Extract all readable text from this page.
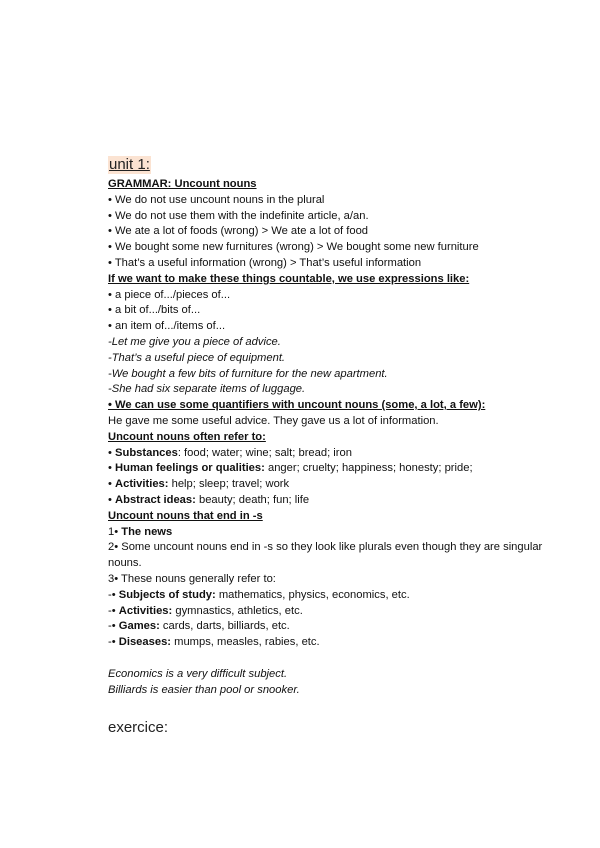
unit 1:
GRAMMAR: Uncount nouns
• We do not use uncount nouns in the plural
• We do not use them with the indefinite article, a/an.
• We ate a lot of foods (wrong) > We ate a lot of food
• We bought some new furnitures (wrong) > We bought some new furniture
• That’s a useful information (wrong) > That’s useful information
If we want to make these things countable, we use expressions like:
• a piece of.../pieces of...
• a bit of.../bits of...
• an item of.../items of...
-Let me give you a piece of advice.
-That’s a useful piece of equipment.
-We bought a few bits of furniture for the new apartment.
-She had six separate items of luggage.
• We can use some quantifiers with uncount nouns (some, a lot, a few):
He gave me some useful advice. They gave us a lot of information.
Uncount nouns often refer to:
• Substances: food; water; wine; salt; bread; iron
• Human feelings or qualities: anger; cruelty; happiness; honesty; pride;
• Activities: help; sleep; travel; work
• Abstract ideas: beauty; death; fun; life
Uncount nouns that end in -s
1• The news
2• Some uncount nouns end in -s so they look like plurals even though they are singular nouns.
3• These nouns generally refer to:
-• Subjects of study: mathematics, physics, economics, etc.
-• Activities: gymnastics, athletics, etc.
-• Games: cards, darts, billiards, etc.
-• Diseases: mumps, measles, rabies, etc.
Economics is a very difficult subject.
Billiards is easier than pool or snooker.
exercice:
